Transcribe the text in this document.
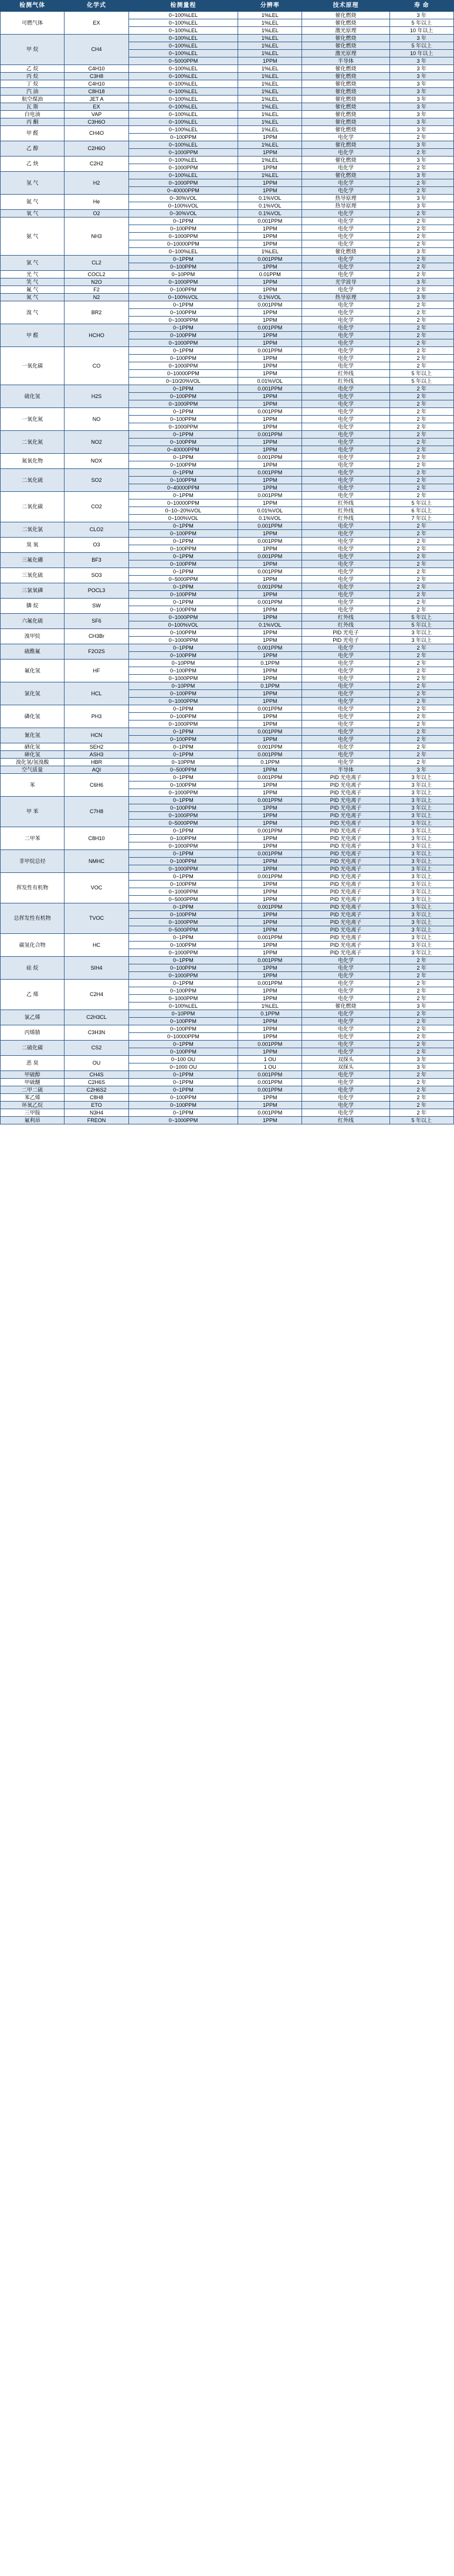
检测气体	化学式	检测量程	分辨率	技术原理	寿 命
可燃气体	EX	0~100%LEL	1%LEL	催化燃烧	3 年
		0~100%LEL	1%LEL	催化燃烧	5 年以上
		0~100%LEL	1%LEL	激光原理	10 年以上
甲 烷	CH4	0~100%LEL	1%LEL	催化燃烧	3 年
		0~100%LEL	1%LEL	催化燃烧	5 年以上
		0~100%LEL	1%LEL	激光原理	10 年以上
		0~5000PPM	1PPM	半导体	3 年
乙 烷	C4H10	0~100%LEL	1%LEL	催化燃烧	3 年
丙 烷	C3H8	0~100%LEL	1%LEL	催化燃烧	3 年
丁 烷	C4H10	0~100%LEL	1%LEL	催化燃烧	3 年
汽 油	C8H18	0~100%LEL	1%LEL	催化燃烧	3 年
航空煤油	JET A	0~100%LEL	1%LEL	催化燃烧	3 年
瓦 斯	EX	0~100%LEL	1%LEL	催化燃烧	3 年
白电油	VAP	0~100%LEL	1%LEL	催化燃烧	3 年
丙 酮	C3H6O	0~100%LEL	1%LEL	催化燃烧	3 年
甲 醛	CH4O	0~100%LEL	1%LEL	催化燃烧	3 年
		0~100PPM	1PPM	电化学	2 年
乙 醇	C2H6O	0~100%LEL	1%LEL	催化燃烧	3 年
		0~1000PPM	1PPM	电化学	2 年
乙 炔	C2H2	0~100%LEL	1%LEL	催化燃烧	3 年
		0~1000PPM	1PPM	电化学	2 年
氢 气	H2	0~100%LEL	1%LEL	催化燃烧	3 年
		0~1000PPM	1PPM	电化学	2 年
		0~40000PPM	1PPM	电化学	2 年
氦 气	He	0~30%VOL	0.1%VOL	热导原理	3 年
		0~100%VOL	0.1%VOL	热导原理	3 年
氧 气	O2	0~30%VOL	0.1%VOL	电化学	2 年
氨 气	NH3	0~1PPM	0.001PPM	电化学	2 年
		0~100PPM	1PPM	电化学	2 年
		0~1000PPM	1PPM	电化学	2 年
		0~10000PPM	1PPM	电化学	2 年
		0~100%LEL	1%LEL	催化燃烧	3 年
氯 气	CL2	0~1PPM	0.001PPM	电化学	2 年
		0~100PPM	1PPM	电化学	2 年
光 气	COCL2	0~10PPM	0.01PPM	电化学	2 年
笑 气	N2O	0~1000PPM	1PPM	光学波导	3 年
氟 气	F2	0~100PPM	1PPM	电化学	2 年
氮 气	N2	0~100%VOL	0.1%VOL	热导原理	3 年
溴 气	BR2	0~1PPM	0.001PPM	电化学	2 年
		0~100PPM	1PPM	电化学	2 年
		0~1000PPM	1PPM	电化学	2 年
甲 醛	HCHO	0~1PPM	0.001PPM	电化学	2 年
		0~100PPM	1PPM	电化学	2 年
		0~1000PPM	1PPM	电化学	2 年
一氧化碳	CO	0~1PPM	0.001PPM	电化学	2 年
		0~100PPM	1PPM	电化学	2 年
		0~1000PPM	1PPM	电化学	2 年
		0~10000PPM	1PPM	红外线	5 年以上
		0~10/20%VOL	0.01%VOL	红外线	5 年以上
硫化氢	H2S	0~1PPM	0.001PPM	电化学	2 年
		0~100PPM	1PPM	电化学	2 年
		0~1000PPM	1PPM	电化学	2 年
一氧化氮	NO	0~1PPM	0.001PPM	电化学	2 年
		0~100PPM	1PPM	电化学	2 年
		0~1000PPM	1PPM	电化学	2 年
二氧化氮	NO2	0~1PPM	0.001PPM	电化学	2 年
		0~100PPM	1PPM	电化学	2 年
		0~40000PPM	1PPM	电化学	2 年
氮氧化物	NOX	0~1PPM	0.001PPM	电化学	2 年
		0~100PPM	1PPM	电化学	2 年
二氧化硫	SO2	0~1PPM	0.001PPM	电化学	2 年
		0~100PPM	1PPM	电化学	2 年
		0~40000PPM	1PPM	电化学	2 年
二氧化碳	CO2	0~1PPM	0.001PPM	电化学	2 年
		0~10000PPM	1PPM	红外线	5 年以上
		0~10~20%VOL	0.01%VOL	红外线	6 年以上
		0~100%VOL	0.1%VOL	红外线	7 年以上
二氧化氯	CLO2	0~1PPM	0.001PPM	电化学	2 年
		0~100PPM	1PPM	电化学	2 年
臭 氧	O3	0~1PPM	0.001PPM	电化学	2 年
		0~100PPM	1PPM	电化学	2 年
三氟化硼	BF3	0~1PPM	0.001PPM	电化学	2 年
		0~100PPM	1PPM	电化学	2 年
三氧化硫	SO3	0~1PPM	0.001PPM	电化学	2 年
		0~5000PPM	1PPM	电化学	2 年
三氯氧磷	POCL3	0~1PPM	0.001PPM	电化学	2 年
		0~100PPM	1PPM	电化学	2 年
膦 烷	SW	0~1PPM	0.001PPM	电化学	2 年
		0~100PPM	1PPM	电化学	2 年
六氟化硫	SF6	0~1000PPM	1PPM	红外线	5 年以上
		0~100%VOL	0.1%VOL	红外线	5 年以上
溴甲烷	CH3Br	0~100PPM	1PPM	PID 光电子	3 年以上
		0~1000PPM	1PPM	PID 光电子	3 年以上
硫酰氟	F2O2S	0~1PPM	0.001PPM	电化学	2 年
		0~100PPM	1PPM	电化学	2 年
氟化氢	HF	0~10PPM	0.1PPM	电化学	2 年
		0~100PPM	1PPM	电化学	2 年
		0~1000PPM	1PPM	电化学	2 年
氯化氢	HCL	0~10PPM	0.1PPM	电化学	2 年
		0~100PPM	1PPM	电化学	2 年
		0~1000PPM	1PPM	电化学	2 年
磷化氢	PH3	0~1PPM	0.001PPM	电化学	2 年
		0~100PPM	1PPM	电化学	2 年
		0~1000PPM	1PPM	电化学	2 年
氰化氢	HCN	0~1PPM	0.001PPM	电化学	2 年
		0~100PPM	1PPM	电化学	2 年
硒化氢	SEH2	0~1PPM	0.001PPM	电化学	2 年
砷化氢	ASH3	0~1PPM	0.001PPM	电化学	2 年
溴化氢/氢溴酸	HBR	0~10PPM	0.1PPM	电化学	2 年
空气质量	AQI	0~500PPM	1PPM	半导体	3 年
苯	C6H6	0~1PPM	0.001PPM	PID 光电离子	3 年以上
		0~100PPM	1PPM	PID 光电离子	3 年以上
		0~1000PPM	1PPM	PID 光电离子	3 年以上
甲 苯	C7H8	0~1PPM	0.001PPM	PID 光电离子	3 年以上
		0~100PPM	1PPM	PID 光电离子	3 年以上
		0~1000PPM	1PPM	PID 光电离子	3 年以上
		0~5000PPM	1PPM	PID 光电离子	3 年以上
二甲苯	C8H10	0~1PPM	0.001PPM	PID 光电离子	3 年以上
		0~100PPM	1PPM	PID 光电离子	3 年以上
		0~1000PPM	1PPM	PID 光电离子	3 年以上
非甲烷总烃	NMHC	0~1PPM	0.001PPM	PID 光电离子	3 年以上
		0~100PPM	1PPM	PID 光电离子	3 年以上
		0~1000PPM	1PPM	PID 光电离子	3 年以上
挥发性有机物	VOC	0~1PPM	0.001PPM	PID 光电离子	3 年以上
		0~100PPM	1PPM	PID 光电离子	3 年以上
		0~1000PPM	1PPM	PID 光电离子	3 年以上
		0~5000PPM	1PPM	PID 光电离子	3 年以上
总挥发性有机物	TVOC	0~1PPM	0.001PPM	PID 光电离子	3 年以上
		0~100PPM	1PPM	PID 光电离子	3 年以上
		0~1000PPM	1PPM	PID 光电离子	3 年以上
		0~5000PPM	1PPM	PID 光电离子	3 年以上
碳氢化合物	HC	0~1PPM	0.001PPM	PID 光电离子	3 年以上
		0~100PPM	1PPM	PID 光电离子	3 年以上
		0~1000PPM	1PPM	PID 光电离子	3 年以上
硅 烷	SIH4	0~1PPM	0.001PPM	电化学	2 年
		0~100PPM	1PPM	电化学	2 年
		0~1000PPM	1PPM	电化学	2 年
乙 烯	C2H4	0~1PPM	0.001PPM	电化学	2 年
		0~100PPM	1PPM	电化学	2 年
		0~1000PPM	1PPM	电化学	2 年
		0~100%LEL	1%LEL	催化燃烧	3 年
氯乙烯	C2H3CL	0~10PPM	0.1PPM	电化学	2 年
		0~100PPM	1PPM	电化学	2 年
丙烯腈	C3H3N	0~100PPM	1PPM	电化学	2 年
		0~10000PPM	1PPM	电化学	2 年
二硫化碳	CS2	0~1PPM	0.001PPM	电化学	2 年
		0~100PPM	1PPM	电化学	2 年
恶 臭	OU	0~100 OU	1 OU	双探头	3 年
		0~1000 OU	1 OU	双探头	3 年
甲硫醇	CH4S	0~1PPM	0.001PPM	电化学	2 年
甲硫醚	C2H6S	0~1PPM	0.001PPM	电化学	2 年
二甲二硫	C2H6S2	0~1PPM	0.001PPM	电化学	2 年
苯乙烯	C8H8	0~100PPM	1PPM	电化学	2 年
环氧乙烷	ETO	0~100PPM	1PPM	电化学	2 年
三甲胺	N3H4	0~1PPM	0.001PPM	电化学	2 年
氟利昂	FREON	0~1000PPM	1PPM	红外线	5 年以上
